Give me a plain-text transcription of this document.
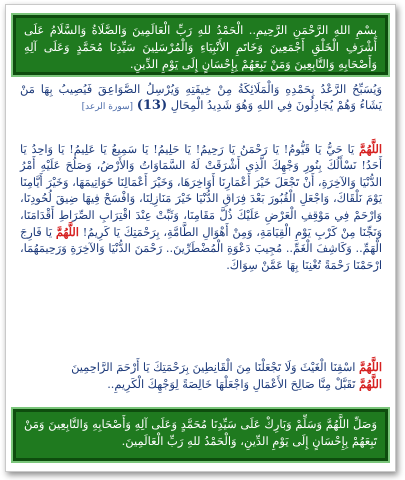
بِسْمِ اللهِ الرَّحْمَنِ الرَّحِيمِ.. الْحَمْدُ للهِ رَبِّ الْعَالَمِينَ وَالصَّلَاةُ وَالسَّلَامُ عَلَى أَشْرَفِ الْخَلْقِ أَجْمَعِينَ وَخَاتَمِ الأَنْبِيَاءِ وَالْمُرْسَلِينَ سَيِّدِنَا مُحَمَّدٍ وَعَلَى آلِهِ وَأَصْحَابِهِ وَالتَّابِعِينَ وَمَنْ تَبِعَهُمْ بِإِحْسَانٍ إِلَى يَوْمِ الدِّينِ.
وَيُسَبِّحُ الرَّعْدُ بِحَمْدِهِ وَالْمَلَائِكَةُ مِنْ خِيفَتِهِ وَيُرْسِلُ الصَّوَاعِقَ فَيُصِيبُ بِهَا مَنْ يَشَاءُ وَهُمْ يُجَادِلُونَ فِي اللهِ وَهُوَ شَدِيدُ الْمِحَالِ (13) [سورة الرعد]
اللَّهُمَّ يَا حَيُّ يَا قَيُّومُ! يَا رَحْمَنُ يَا رَحِيمُ! يَا حَلِيمُ! يَا سَمِيعُ يَا عَلِيمُ! يَا وَاحِدُ يَا أَحَدُ! نَسْأَلُكَ بِنُورِ وَجْهِكَ الَّذِي أَشْرَقَتْ لَهُ السَّمَاوَاتُ وَالأَرْضُ، وَصَلُحَ عَلَيْهِ أَمْرُ الدُّنْيَا وَالآخِرَةِ، أَنْ تَجْعَلَ خَيْرَ أَعْمَارِنَا أَوَاخِرَهَا، وَخَيْرَ أَعْمَالِنَا خَوَاتِيمَهَا، وَخَيْرَ أَيَّامِنَا يَوْمَ نَلْقَاكَ، وَاجْعَلِ الْقُبُورَ بَعْدَ فِرَاقِ الدُّنْيَا خَيْرَ مَنَازِلِنَا، وَافْسَحْ فِيهَا ضِيقَ لُحُودِنَا، وَارْحَمْ فِي مَوْقِفِ الْعَرْضِ عَلَيْكَ ذُلَّ مَقَامِنَا، وَثَبِّتْ عِنْدَ اقْتِرَابِ الصِّرَاطِ أَقْدَامَنَا، وَنَجِّنَا مِنْ كَرْبِ يَوْمِ الْقِيَامَةِ، وَمِنْ أَهْوَالِ الطَّامَّةِ، بِرَحْمَتِكَ يَا كَرِيمُ! اللَّهُمَّ يَا فَارِجَ الْهَمِّ.. وَكَاشِفَ الْغَمِّ.. مُجِيبَ دَعْوَةِ الْمُضْطَرِّينَ.. رَحْمَنَ الدُّنْيَا وَالآخِرَةِ وَرَحِيمَهُمَا، ارْحَمْنَا رَحْمَةً تُغْنِنَا بِهَا عَمَّنْ سِوَاكَ.
اللَّهُمَّ اسْقِنَا الْغَيْثَ وَلَا تَجْعَلْنَا مِنَ الْقَانِطِينَ بِرَحْمَتِكَ يَا أَرْحَمَ الرَّاحِمِينَ
اللَّهُمَّ تَقَبَّلْ مِنَّا صَالِحَ الأَعْمَالِ وَاجْعَلْهَا خَالِصَةً لِوَجْهِكَ الْكَرِيمِ..
وَصَلِّ اللَّهُمَّ وَسَلِّمْ وَبَارِكْ عَلَى سَيِّدِنَا مُحَمَّدٍ وَعَلَى آلِهِ وَأَصْحَابِهِ وَالتَّابِعِينَ وَمَنْ تَبِعَهُمْ بِإِحْسَانٍ إِلَى يَوْمِ الدِّينِ، وَالْحَمْدُ للهِ رَبِّ الْعَالَمِينَ.
